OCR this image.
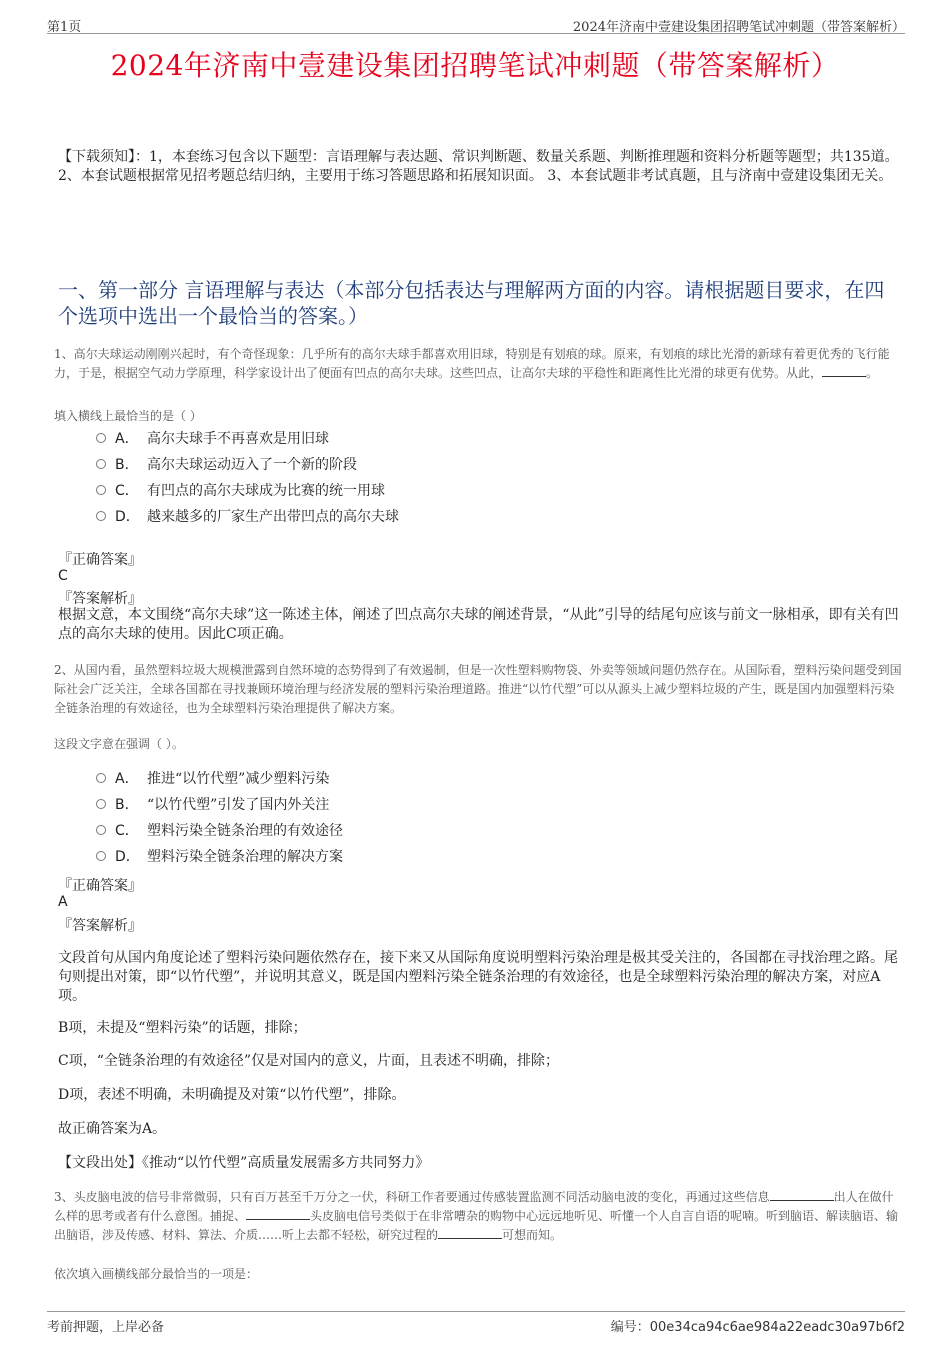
第1页	2024年济南中壹建设集团招聘笔试冲刺题（带答案解析）
2024年济南中壹建设集团招聘笔试冲刺题（带答案解析）
【下载须知】：1，本套练习包含以下题型：言语理解与表达题、常识判断题、数量关系题、判断推理题和资料分析题等题型；共135道。 2、本套试题根据常见招考题总结归纳，主要用于练习答题思路和拓展知识面。 3、本套试题非考试真题，且与济南中壹建设集团无关。
一、第一部分 言语理解与表达（本部分包括表达与理解两方面的内容。请根据题目要求，在四个选项中选出一个最恰当的答案。）
1、高尔夫球运动刚刚兴起时，有个奇怪现象：几乎所有的高尔夫球手都喜欢用旧球，特别是有划痕的球。原来，有划痕的球比光滑的新球有着更优秀的飞行能力，于是，根据空气动力学原理，科学家设计出了便面有凹点的高尔夫球。这些凹点，让高尔夫球的平稳性和距离性比光滑的球更有优势。从此，	。
填入横线上最恰当的是（ ）
A． 高尔夫球手不再喜欢是用旧球
B． 高尔夫球运动迈入了一个新的阶段
C． 有凹点的高尔夫球成为比赛的统一用球
D． 越来越多的厂家生产出带凹点的高尔夫球
『正确答案』
C
『答案解析』
根据文意，本文围绕“高尔夫球”这一陈述主体，阐述了凹点高尔夫球的阐述背景，“从此”引导的结尾句应该与前文一脉相承，即有关有凹点的高尔夫球的使用。因此C项正确。
2、从国内看，虽然塑料垃圾大规模泄露到自然环境的态势得到了有效遏制，但是一次性塑料购物袋、外卖等领域问题仍然存在。从国际看，塑料污染问题受到国际社会广泛关注，全球各国都在寻找兼顾环境治理与经济发展的塑料污染治理道路。推进“以竹代塑”可以从源头上减少塑料垃圾的产生，既是国内加强塑料污染全链条治理的有效途径，也为全球塑料污染治理提供了解决方案。
这段文字意在强调（ ）。
A． 推进“以竹代塑”减少塑料污染
B． “以竹代塑”引发了国内外关注
C． 塑料污染全链条治理的有效途径
D． 塑料污染全链条治理的解决方案
『正确答案』
A
『答案解析』
文段首句从国内角度论述了塑料污染问题依然存在，接下来又从国际角度说明塑料污染治理是极其受关注的，各国都在寻找治理之路。尾句则提出对策，即“以竹代塑”，并说明其意义，既是国内塑料污染全链条治理的有效途径，也是全球塑料污染治理的解决方案，对应A项。
B项，未提及“塑料污染”的话题，排除；
C项，“全链条治理的有效途径”仅是对国内的意义，片面，且表述不明确，排除；
D项，表述不明确，未明确提及对策“以竹代塑”，排除。
故正确答案为A。
【文段出处】《推动“以竹代塑”高质量发展需多方共同努力》
3、头皮脑电波的信号非常微弱，只有百万甚至千万分之一伏，科研工作者要通过传感装置监测不同活动脑电波的变化，再通过这些信息	出人在做什么样的思考或者有什么意图。捕捉、	头皮脑电信号类似于在非常嘈杂的购物中心远远地听见、听懂一个人自言自语的呢喃。听到脑语、解读脑语、输出脑语，涉及传感、材料、算法、介质……听上去都不轻松，研究过程的	可想而知。
依次填入画横线部分最恰当的一项是：
考前押题，上岸必备	编号：00e34ca94c6ae984a22eadc30a97b6f2
